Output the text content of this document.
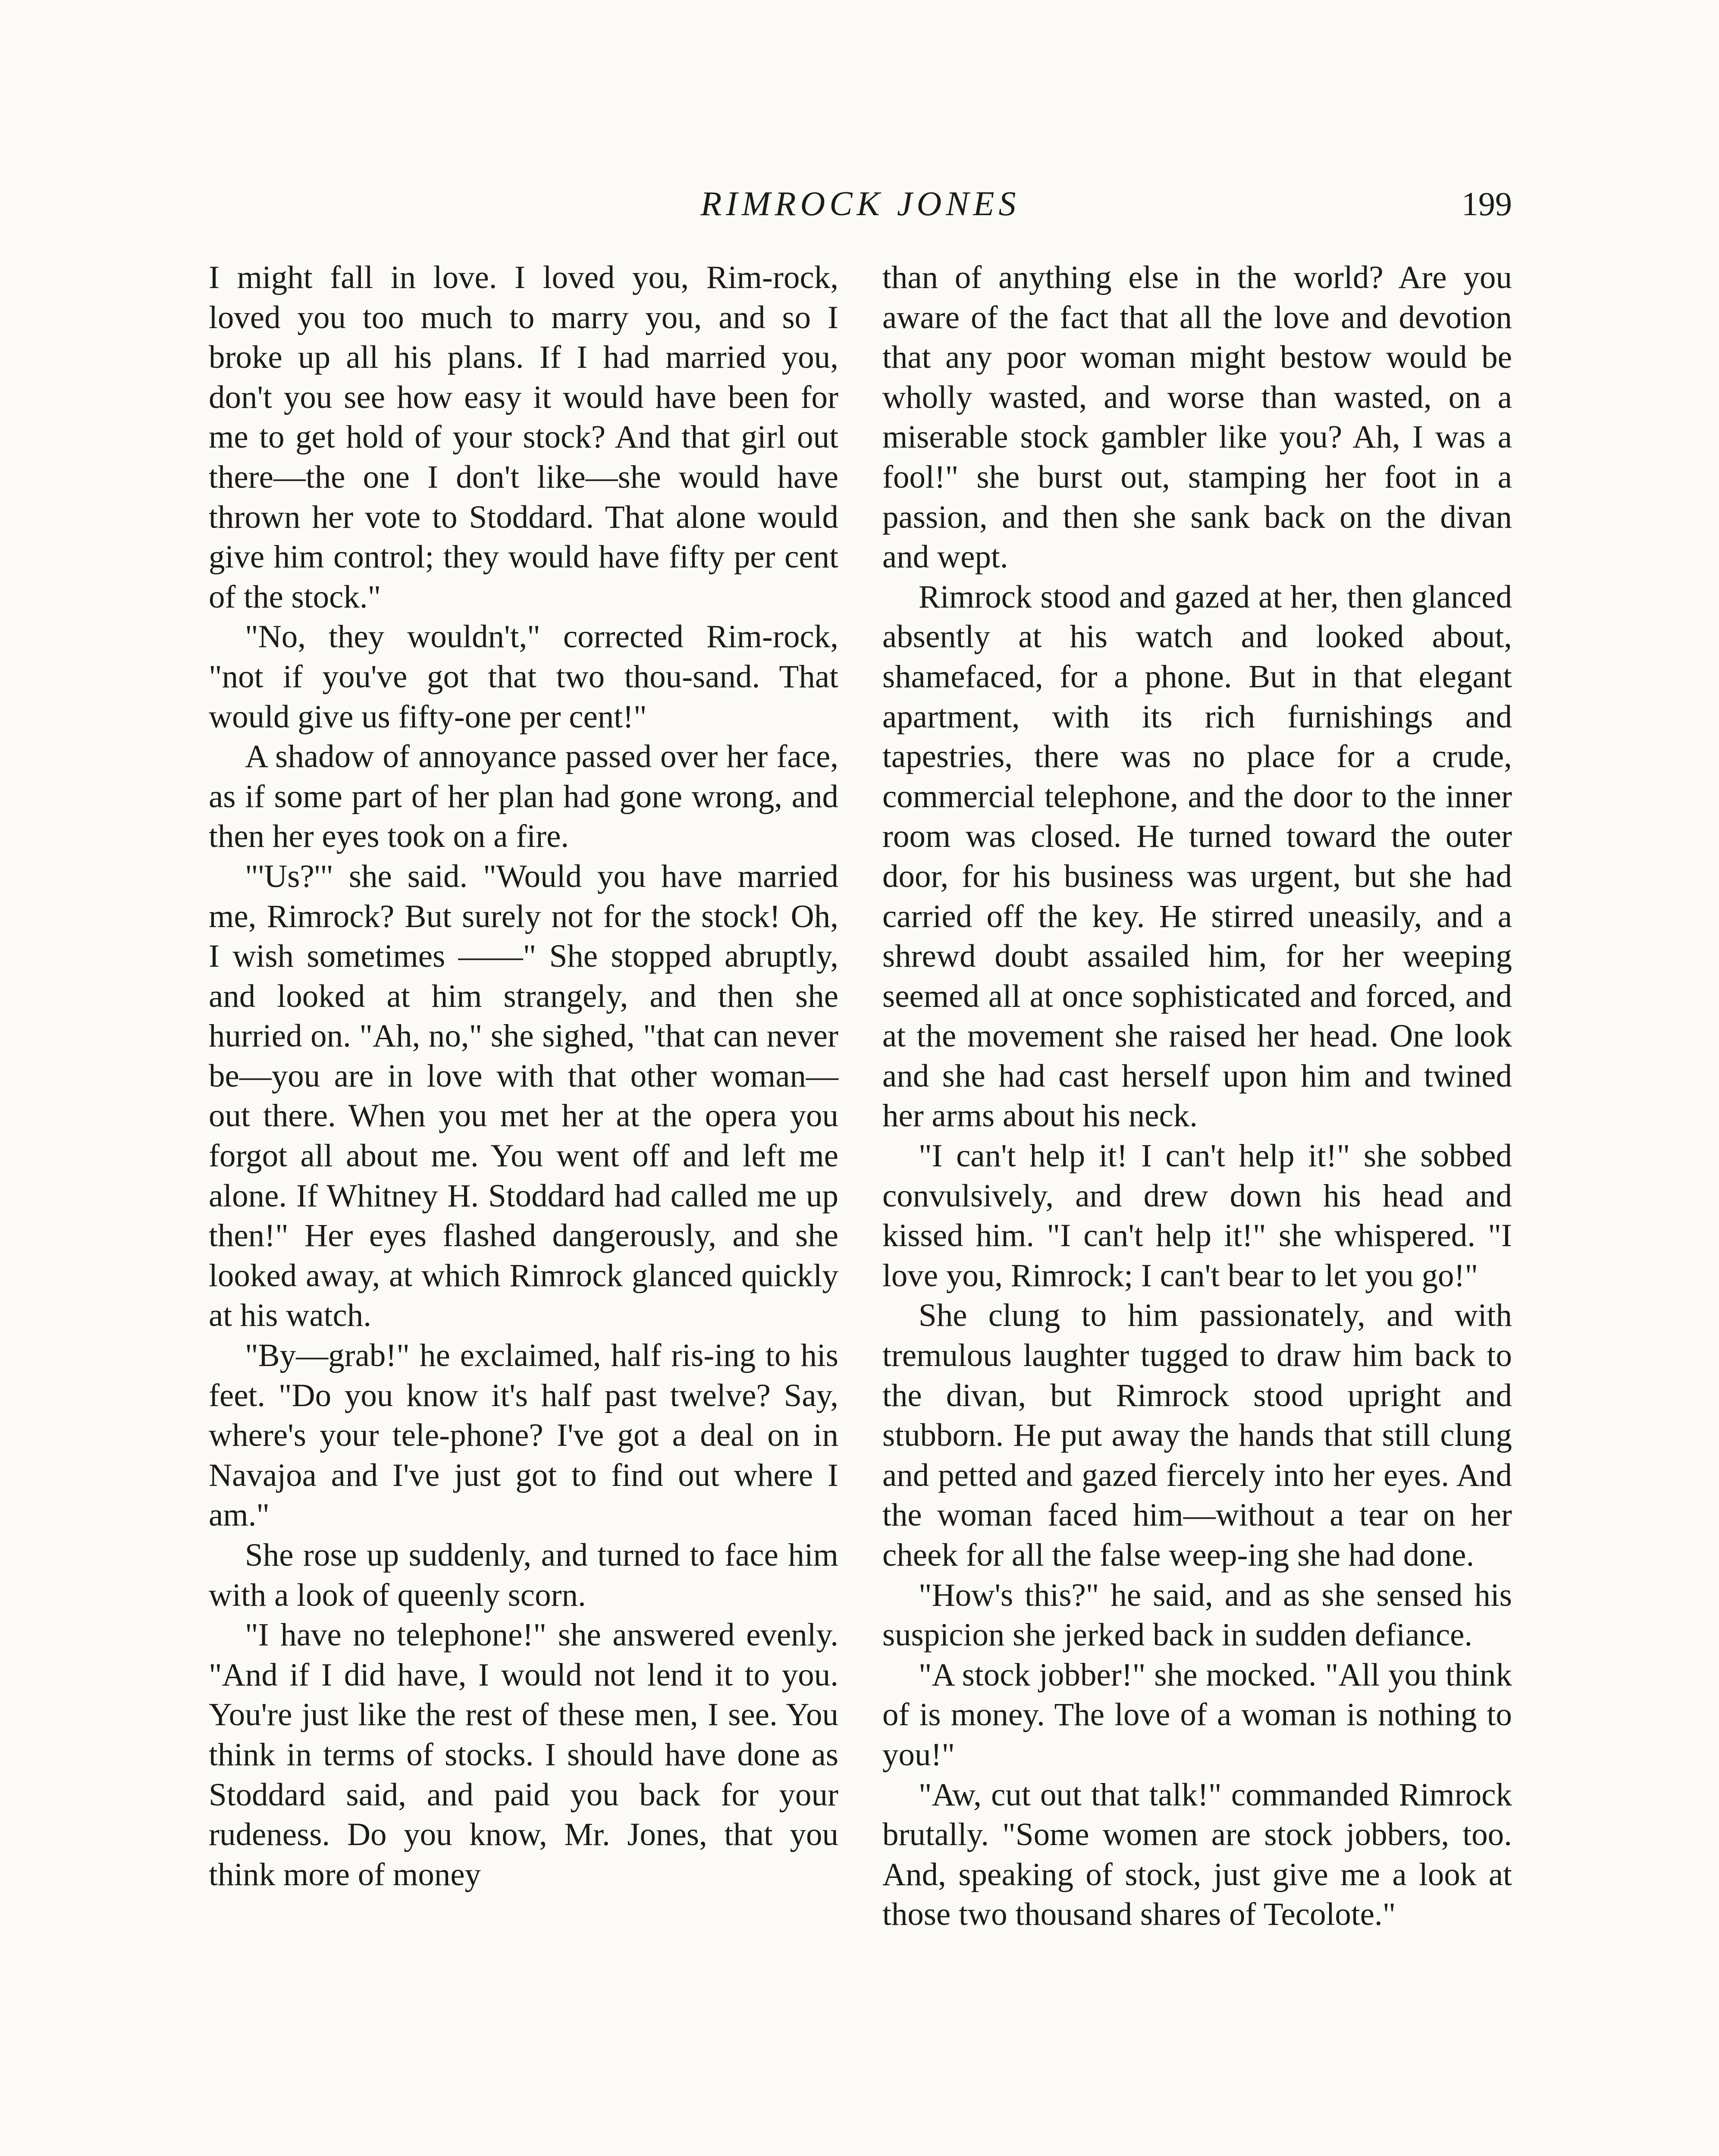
RIMROCK JONES	199

I might fall in love. I loved you, Rim-rock, loved you too much to marry you, and so I broke up all his plans. If I had married you, don't you see how easy it would have been for me to get hold of your stock? And that girl out there—the one I don't like—she would have thrown her vote to Stoddard. That alone would give him control; they would have fifty per cent of the stock."

"No, they wouldn't," corrected Rim-rock, "not if you've got that two thou-sand. That would give us fifty-one per cent!"

A shadow of annoyance passed over her face, as if some part of her plan had gone wrong, and then her eyes took on a fire.

"'Us?'" she said. "Would you have married me, Rimrock? But surely not for the stock! Oh, I wish sometimes ——" She stopped abruptly, and looked at him strangely, and then she hurried on. "Ah, no," she sighed, "that can never be—you are in love with that other woman—out there. When you met her at the opera you forgot all about me. You went off and left me alone. If Whitney H. Stoddard had called me up then!" Her eyes flashed dangerously, and she looked away, at which Rimrock glanced quickly at his watch.

"By—grab!" he exclaimed, half ris-ing to his feet. "Do you know it's half past twelve? Say, where's your tele-phone? I've got a deal on in Navajoa and I've just got to find out where I am."

She rose up suddenly, and turned to face him with a look of queenly scorn.

"I have no telephone!" she answered evenly. "And if I did have, I would not lend it to you. You're just like the rest of these men, I see. You think in terms of stocks. I should have done as Stoddard said, and paid you back for your rudeness. Do you know, Mr. Jones, that you think more of money

than of anything else in the world? Are you aware of the fact that all the love and devotion that any poor woman might bestow would be wholly wasted, and worse than wasted, on a miserable stock gambler like you? Ah, I was a fool!" she burst out, stamping her foot in a passion, and then she sank back on the divan and wept.

Rimrock stood and gazed at her, then glanced absently at his watch and looked about, shamefaced, for a phone. But in that elegant apartment, with its rich furnishings and tapestries, there was no place for a crude, commercial telephone, and the door to the inner room was closed. He turned toward the outer door, for his business was urgent, but she had carried off the key. He stirred uneasily, and a shrewd doubt assailed him, for her weeping seemed all at once sophisticated and forced, and at the movement she raised her head. One look and she had cast herself upon him and twined her arms about his neck.

"I can't help it! I can't help it!" she sobbed convulsively, and drew down his head and kissed him. "I can't help it!" she whispered. "I love you, Rimrock; I can't bear to let you go!"

She clung to him passionately, and with tremulous laughter tugged to draw him back to the divan, but Rimrock stood upright and stubborn. He put away the hands that still clung and petted and gazed fiercely into her eyes. And the woman faced him—without a tear on her cheek for all the false weep-ing she had done.

"How's this?" he said, and as she sensed his suspicion she jerked back in sudden defiance.

"A stock jobber!" she mocked. "All you think of is money. The love of a woman is nothing to you!"

"Aw, cut out that talk!" commanded Rimrock brutally. "Some women are stock jobbers, too. And, speaking of stock, just give me a look at those two thousand shares of Tecolote."
